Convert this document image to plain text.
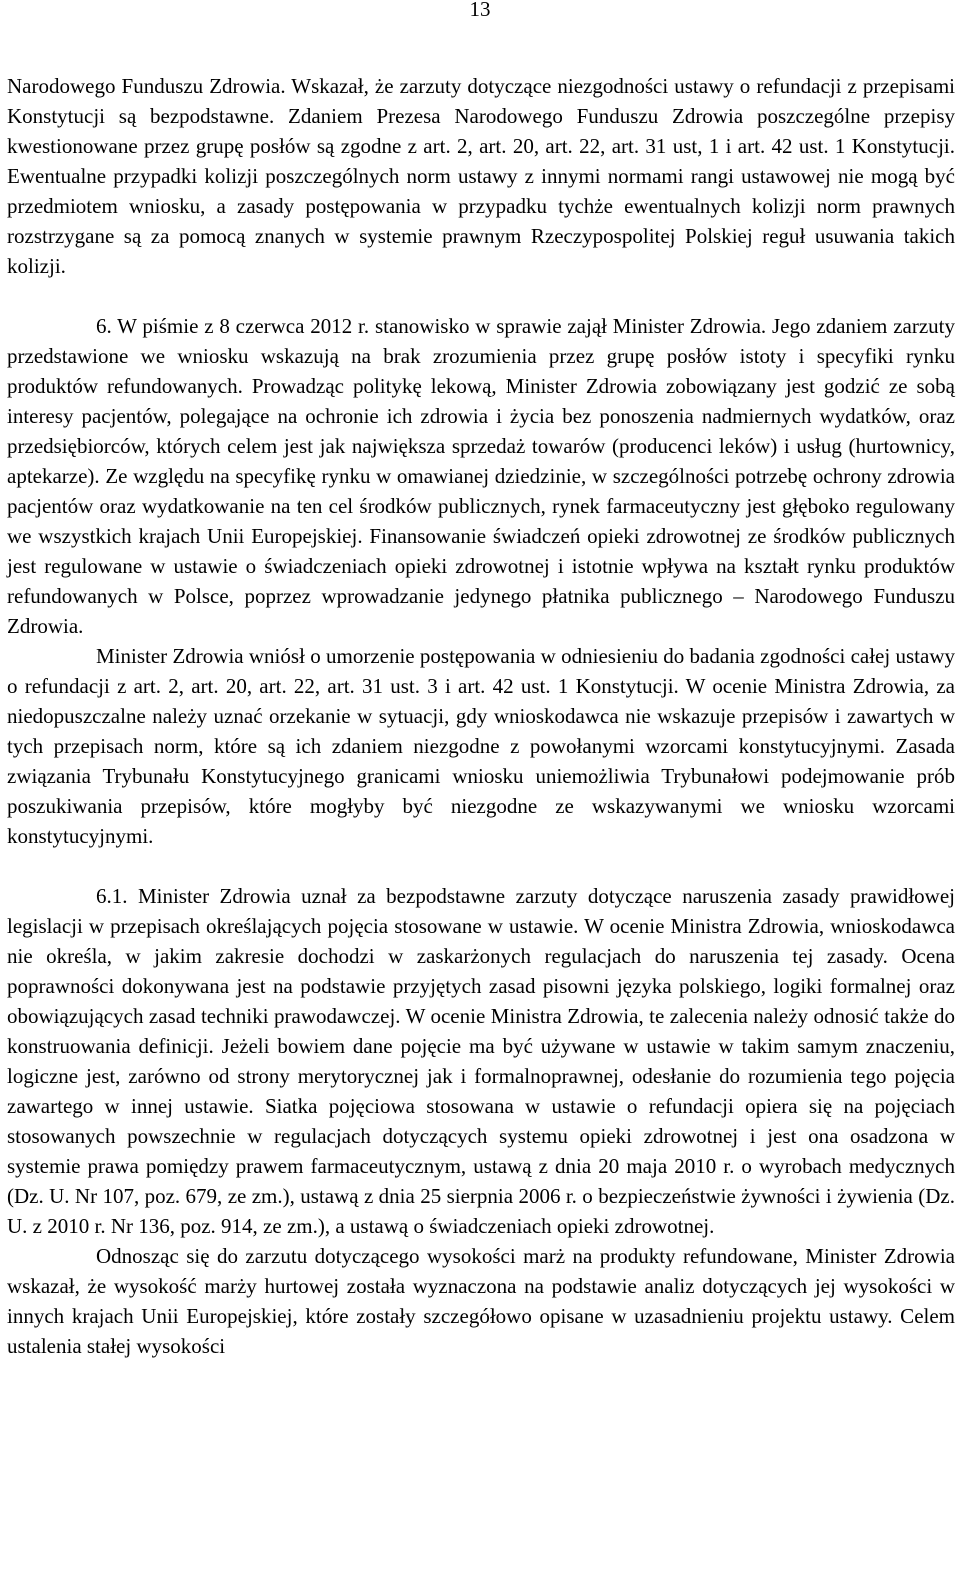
13

Narodowego Funduszu Zdrowia. Wskazał, że zarzuty dotyczące niezgodności ustawy o refundacji z przepisami Konstytucji są bezpodstawne. Zdaniem Prezesa Narodowego Funduszu Zdrowia poszczególne przepisy kwestionowane przez grupę posłów są zgodne z art. 2, art. 20, art. 22, art. 31 ust, 1 i art. 42 ust. 1 Konstytucji. Ewentualne przypadki kolizji poszczególnych norm ustawy z innymi normami rangi ustawowej nie mogą być przedmiotem wniosku, a zasady postępowania w przypadku tychże ewentualnych kolizji norm prawnych rozstrzygane są za pomocą znanych w systemie prawnym Rzeczypospolitej Polskiej reguł usuwania takich kolizji.

6. W piśmie z 8 czerwca 2012 r. stanowisko w sprawie zajął Minister Zdrowia. Jego zdaniem zarzuty przedstawione we wniosku wskazują na brak zrozumienia przez grupę posłów istoty i specyfiki rynku produktów refundowanych. Prowadząc politykę lekową, Minister Zdrowia zobowiązany jest godzić ze sobą interesy pacjentów, polegające na ochronie ich zdrowia i życia bez ponoszenia nadmiernych wydatków, oraz przedsiębiorców, których celem jest jak największa sprzedaż towarów (producenci leków) i usług (hurtownicy, aptekarze). Ze względu na specyfikę rynku w omawianej dziedzinie, w szczególności potrzebę ochrony zdrowia pacjentów oraz wydatkowanie na ten cel środków publicznych, rynek farmaceutyczny jest głęboko regulowany we wszystkich krajach Unii Europejskiej. Finansowanie świadczeń opieki zdrowotnej ze środków publicznych jest regulowane w ustawie o świadczeniach opieki zdrowotnej i istotnie wpływa na kształt rynku produktów refundowanych w Polsce, poprzez wprowadzanie jedynego płatnika publicznego – Narodowego Funduszu Zdrowia.

Minister Zdrowia wniósł o umorzenie postępowania w odniesieniu do badania zgodności całej ustawy o refundacji z art. 2, art. 20, art. 22, art. 31 ust. 3 i art. 42 ust. 1 Konstytucji. W ocenie Ministra Zdrowia, za niedopuszczalne należy uznać orzekanie w sytuacji, gdy wnioskodawca nie wskazuje przepisów i zawartych w tych przepisach norm, które są ich zdaniem niezgodne z powołanymi wzorcami konstytucyjnymi. Zasada związania Trybunału Konstytucyjnego granicami wniosku uniemożliwia Trybunałowi podejmowanie prób poszukiwania przepisów, które mogłyby być niezgodne ze wskazywanymi we wniosku wzorcami konstytucyjnymi.

6.1. Minister Zdrowia uznał za bezpodstawne zarzuty dotyczące naruszenia zasady prawidłowej legislacji w przepisach określających pojęcia stosowane w ustawie. W ocenie Ministra Zdrowia, wnioskodawca nie określa, w jakim zakresie dochodzi w zaskarżonych regulacjach do naruszenia tej zasady. Ocena poprawności dokonywana jest na podstawie przyjętych zasad pisowni języka polskiego, logiki formalnej oraz obowiązujących zasad techniki prawodawczej. W ocenie Ministra Zdrowia, te zalecenia należy odnosić także do konstruowania definicji. Jeżeli bowiem dane pojęcie ma być używane w ustawie w takim samym znaczeniu, logiczne jest, zarówno od strony merytorycznej jak i formalnoprawnej, odesłanie do rozumienia tego pojęcia zawartego w innej ustawie. Siatka pojęciowa stosowana w ustawie o refundacji opiera się na pojęciach stosowanych powszechnie w regulacjach dotyczących systemu opieki zdrowotnej i jest ona osadzona w systemie prawa pomiędzy prawem farmaceutycznym, ustawą z dnia 20 maja 2010 r. o wyrobach medycznych (Dz. U. Nr 107, poz. 679, ze zm.), ustawą z dnia 25 sierpnia 2006 r. o bezpieczeństwie żywności i żywienia (Dz. U. z 2010 r. Nr 136, poz. 914, ze zm.), a ustawą o świadczeniach opieki zdrowotnej.

Odnosząc się do zarzutu dotyczącego wysokości marż na produkty refundowane, Minister Zdrowia wskazał, że wysokość marży hurtowej została wyznaczona na podstawie analiz dotyczących jej wysokości w innych krajach Unii Europejskiej, które zostały szczegółowo opisane w uzasadnieniu projektu ustawy. Celem ustalenia stałej wysokości
